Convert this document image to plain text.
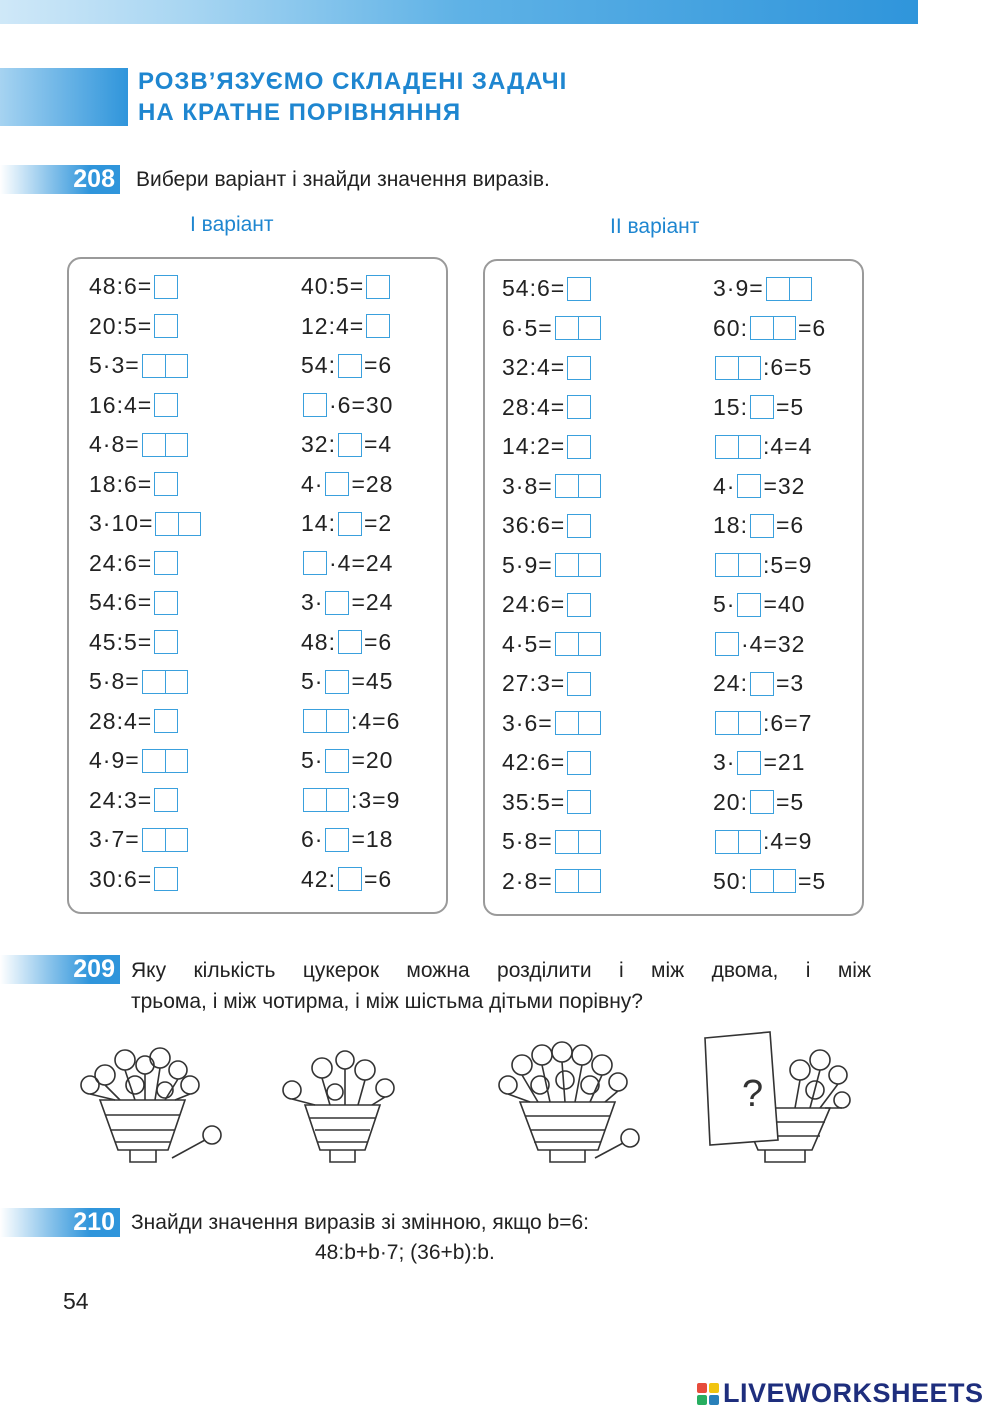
РОЗВ’ЯЗУЄМО СКЛАДЕНІ ЗАДАЧІ
НА КРАТНЕ ПОРІВНЯННЯ
208 Вибери варіант і знайди значення виразів.
І варіант	ІІ варіант
48:6=
20:5=
5·3=
16:4=
4·8=
18:6=
3·10=
24:6=
54:6=
45:5=
5·8=
28:4=
4·9=
24:3=
3·7=
30:6=
40:5=
12:4=
54: =6
·6=30
32: =4
4· =28
14: =2
·4=24
3· =24
48: =6
5· =45
:4=6
5· =20
:3=9
6· =18
42: =6
54:6=
6·5=
32:4=
28:4=
14:2=
3·8=
36:6=
5·9=
24:6=
4·5=
27:3=
3·6=
42:6=
35:5=
5·8=
2·8=
3·9=
60: =6
:6=5
15: =5
:4=4
4· =32
18: =6
:5=9
5· =40
·4=32
24: =3
:6=7
3· =21
20: =5
:4=9
50: =5
209 Яку кількість цукерок можна розділити і між двома, і між
трьома, і між чотирма, і між шістьма дітьми порівну?
?
210 Знайди значення виразів зі змінною, якщо b=6:
48:b+b·7; (36+b):b.
54
LIVEWORKSHEETS
